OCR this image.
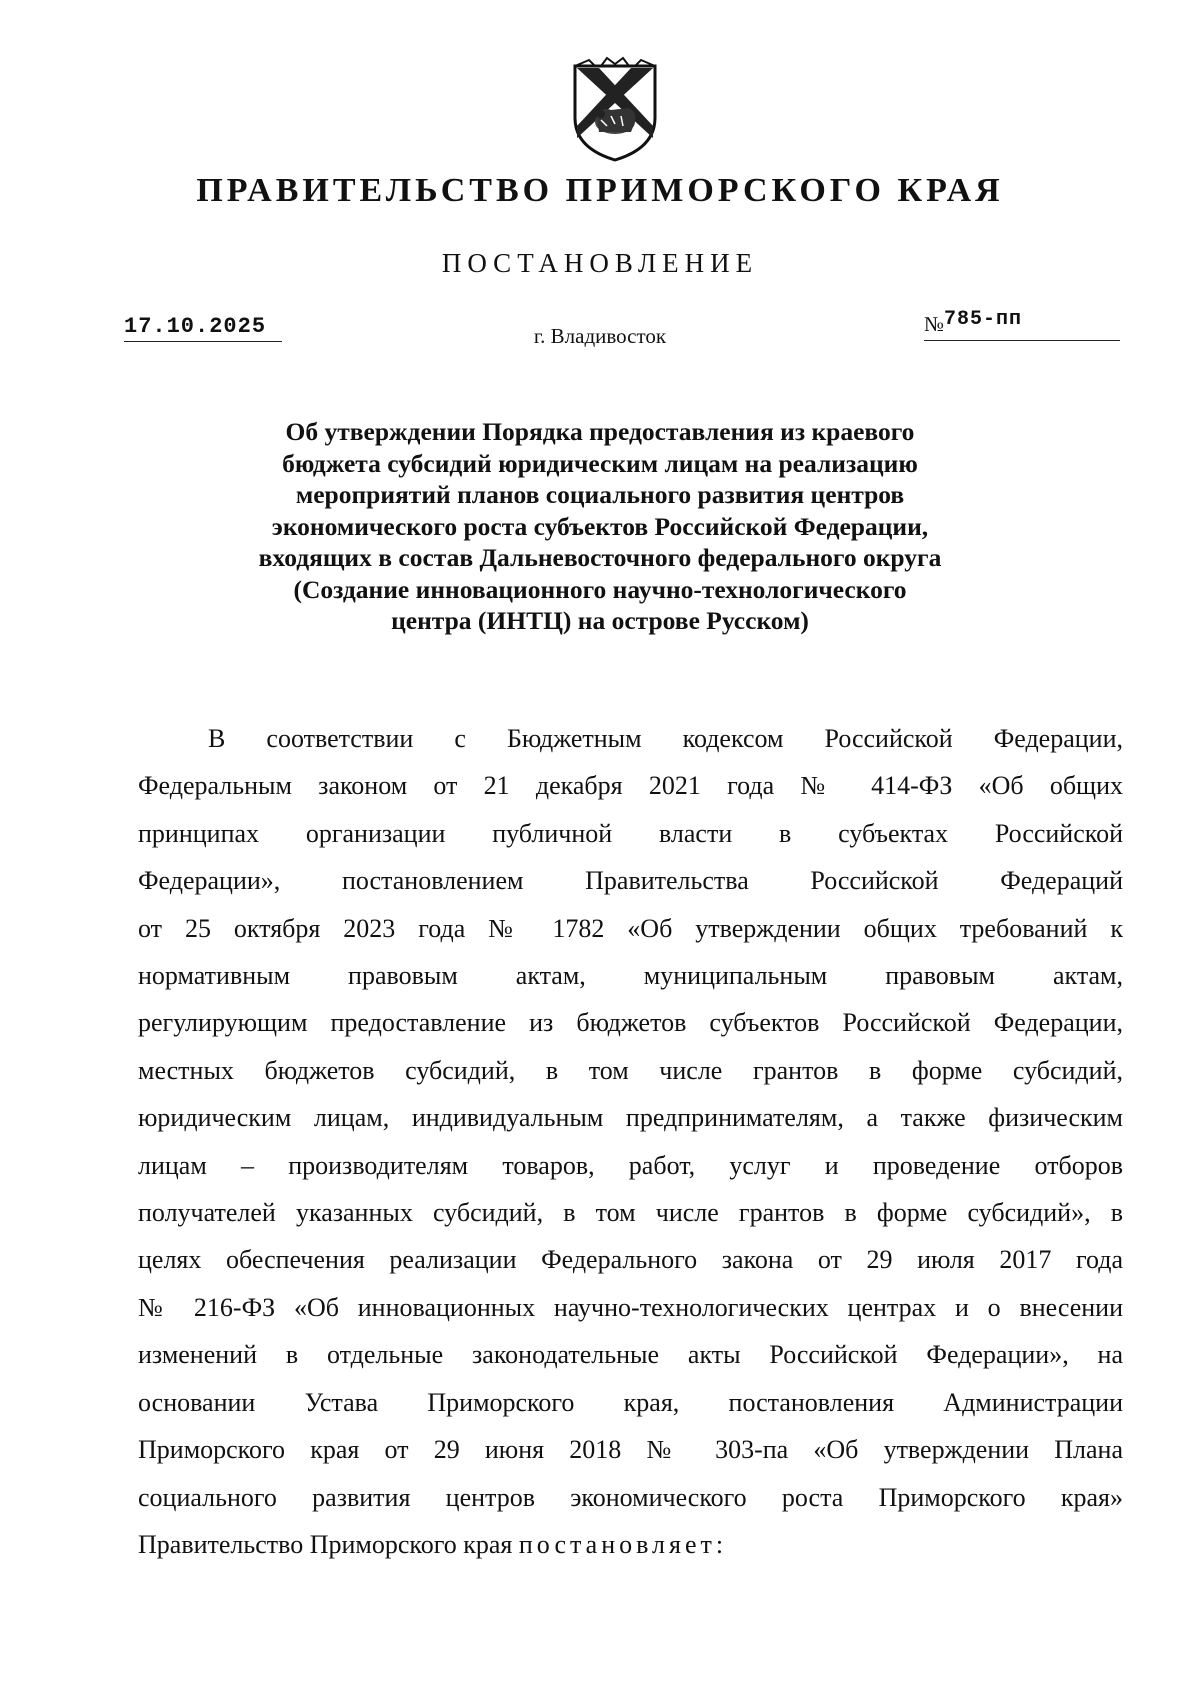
ПРАВИТЕЛЬСТВО ПРИМОРСКОГО КРАЯ
ПОСТАНОВЛЕНИЕ
17.10.2025	г. Владивосток	№785-пп
Об утверждении Порядка предоставления из краевого
бюджета субсидий юридическим лицам на реализацию
мероприятий планов социального развития центров
экономического роста субъектов Российской Федерации,
входящих в состав Дальневосточного федерального округа
(Создание инновационного научно-технологического
центра (ИНТЦ) на острове Русском)
В соответствии с Бюджетным кодексом Российской Федерации,
Федеральным законом от 21 декабря 2021 года № 414-ФЗ «Об общих
принципах организации публичной власти в субъектах Российской
Федерации», постановлением Правительства Российской Федераций
от 25 октября 2023 года № 1782 «Об утверждении общих требований к
нормативным правовым актам, муниципальным правовым актам,
регулирующим предоставление из бюджетов субъектов Российской Федерации,
местных бюджетов субсидий, в том числе грантов в форме субсидий,
юридическим лицам, индивидуальным предпринимателям, а также физическим
лицам – производителям товаров, работ, услуг и проведение отборов
получателей указанных субсидий, в том числе грантов в форме субсидий», в
целях обеспечения реализации Федерального закона от 29 июля 2017 года
№ 216-ФЗ «Об инновационных научно-технологических центрах и о внесении
изменений в отдельные законодательные акты Российской Федерации», на
основании Устава Приморского края, постановления Администрации
Приморского края от 29 июня 2018 № 303-па «Об утверждении Плана
социального развития центров экономического роста Приморского края»
Правительство Приморского края постановляет:
